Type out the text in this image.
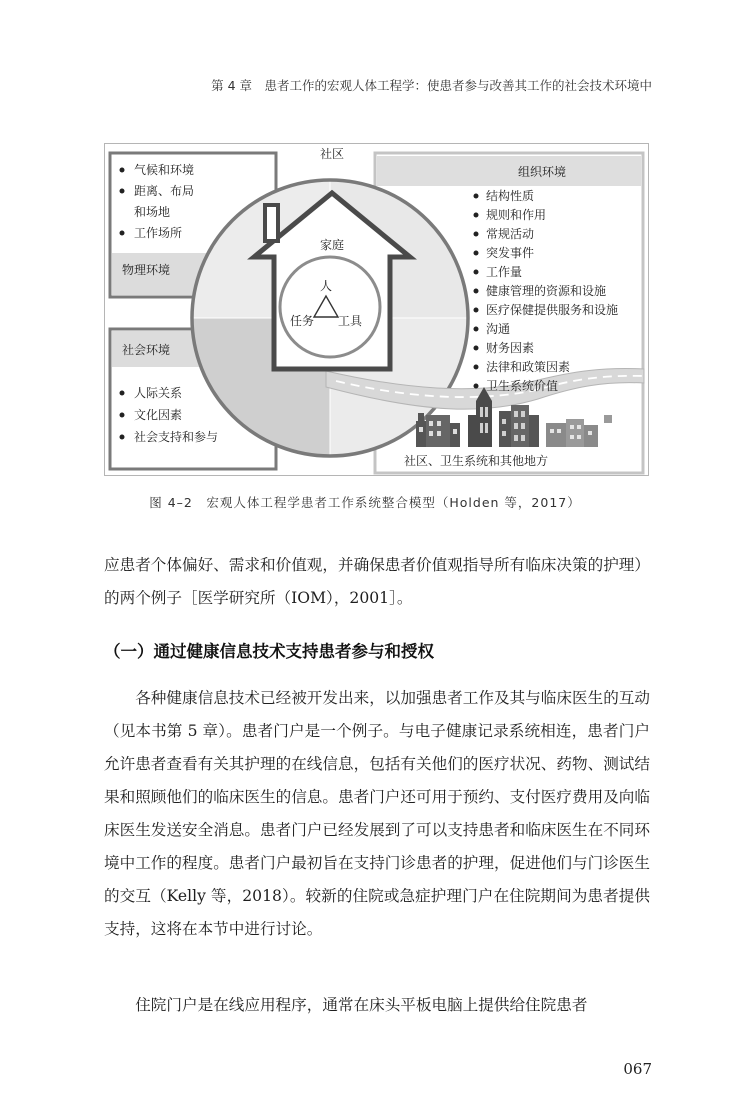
第 4 章　患者工作的宏观人体工程学：使患者参与改善其工作的社会技术环境中
社区
气候和环境
距离、布局
和场地
工作场所
物理环境
社会环境
人际关系
文化因素
社会支持和参与
组织环境
结构性质
规则和作用
常规活动
突发事件
工作量
健康管理的资源和设施
医疗保健提供服务和设施
沟通
财务因素
法律和政策因素
卫生系统价值
家庭
人
任务 工具
社区、卫生系统和其他地方
图 4–2　宏观人体工程学患者工作系统整合模型（Holden 等，2017）

应患者个体偏好、需求和价值观，并确保患者价值观指导所有临床决策的护理）的两个例子［医学研究所（IOM），2001］。

（一）通过健康信息技术支持患者参与和授权

各种健康信息技术已经被开发出来，以加强患者工作及其与临床医生的互动（见本书第 5 章）。患者门户是一个例子。与电子健康记录系统相连，患者门户允许患者查看有关其护理的在线信息，包括有关他们的医疗状况、药物、测试结果和照顾他们的临床医生的信息。患者门户还可用于预约、支付医疗费用及向临床医生发送安全消息。患者门户已经发展到了可以支持患者和临床医生在不同环境中工作的程度。患者门户最初旨在支持门诊患者的护理，促进他们与门诊医生的交互（Kelly 等，2018）。较新的住院或急症护理门户在住院期间为患者提供支持，这将在本节中进行讨论。

住院门户是在线应用程序，通常在床头平板电脑上提供给住院患者

067
